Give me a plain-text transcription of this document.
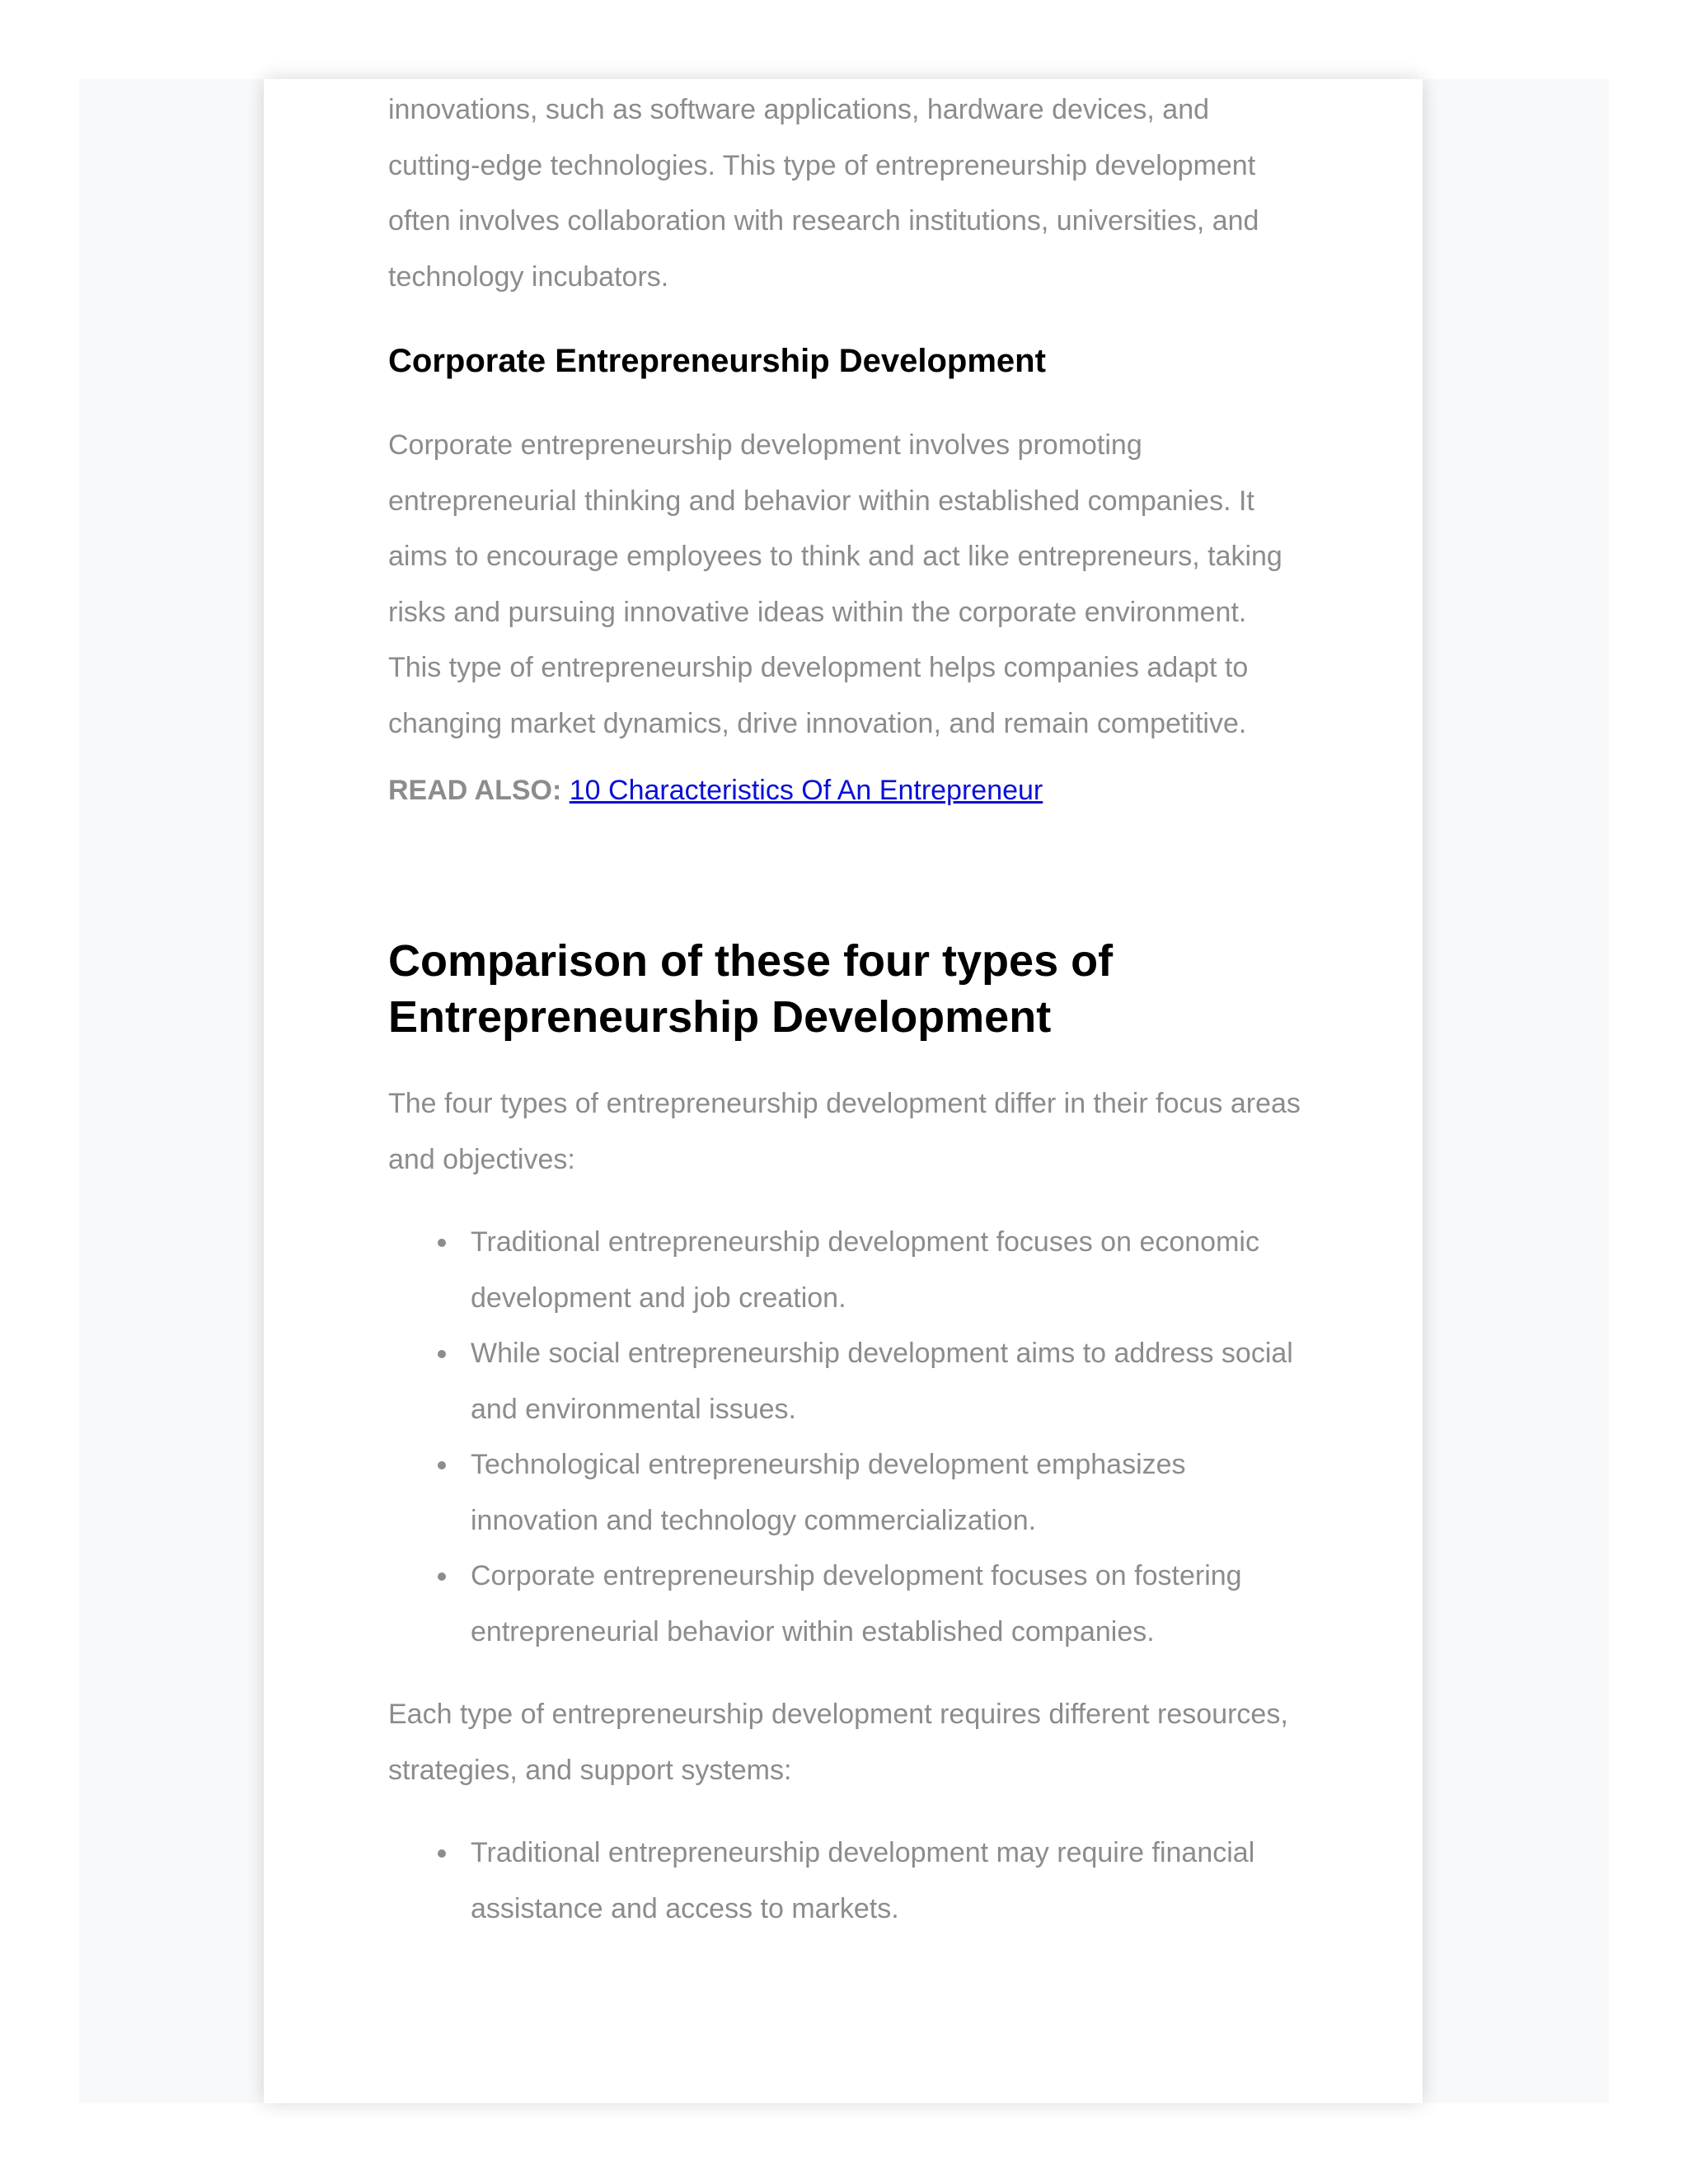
innovations, such as software applications, hardware devices, and cutting-edge technologies. This type of entrepreneurship development often involves collaboration with research institutions, universities, and technology incubators.

Corporate Entrepreneurship Development

Corporate entrepreneurship development involves promoting entrepreneurial thinking and behavior within established companies. It aims to encourage employees to think and act like entrepreneurs, taking risks and pursuing innovative ideas within the corporate environment. This type of entrepreneurship development helps companies adapt to changing market dynamics, drive innovation, and remain competitive.

READ ALSO: 10 Characteristics Of An Entrepreneur

Comparison of these four types of Entrepreneurship Development

The four types of entrepreneurship development differ in their focus areas and objectives:

Traditional entrepreneurship development focuses on economic development and job creation.
While social entrepreneurship development aims to address social and environmental issues.
Technological entrepreneurship development emphasizes innovation and technology commercialization.
Corporate entrepreneurship development focuses on fostering entrepreneurial behavior within established companies.

Each type of entrepreneurship development requires different resources, strategies, and support systems:

Traditional entrepreneurship development may require financial assistance and access to markets.
